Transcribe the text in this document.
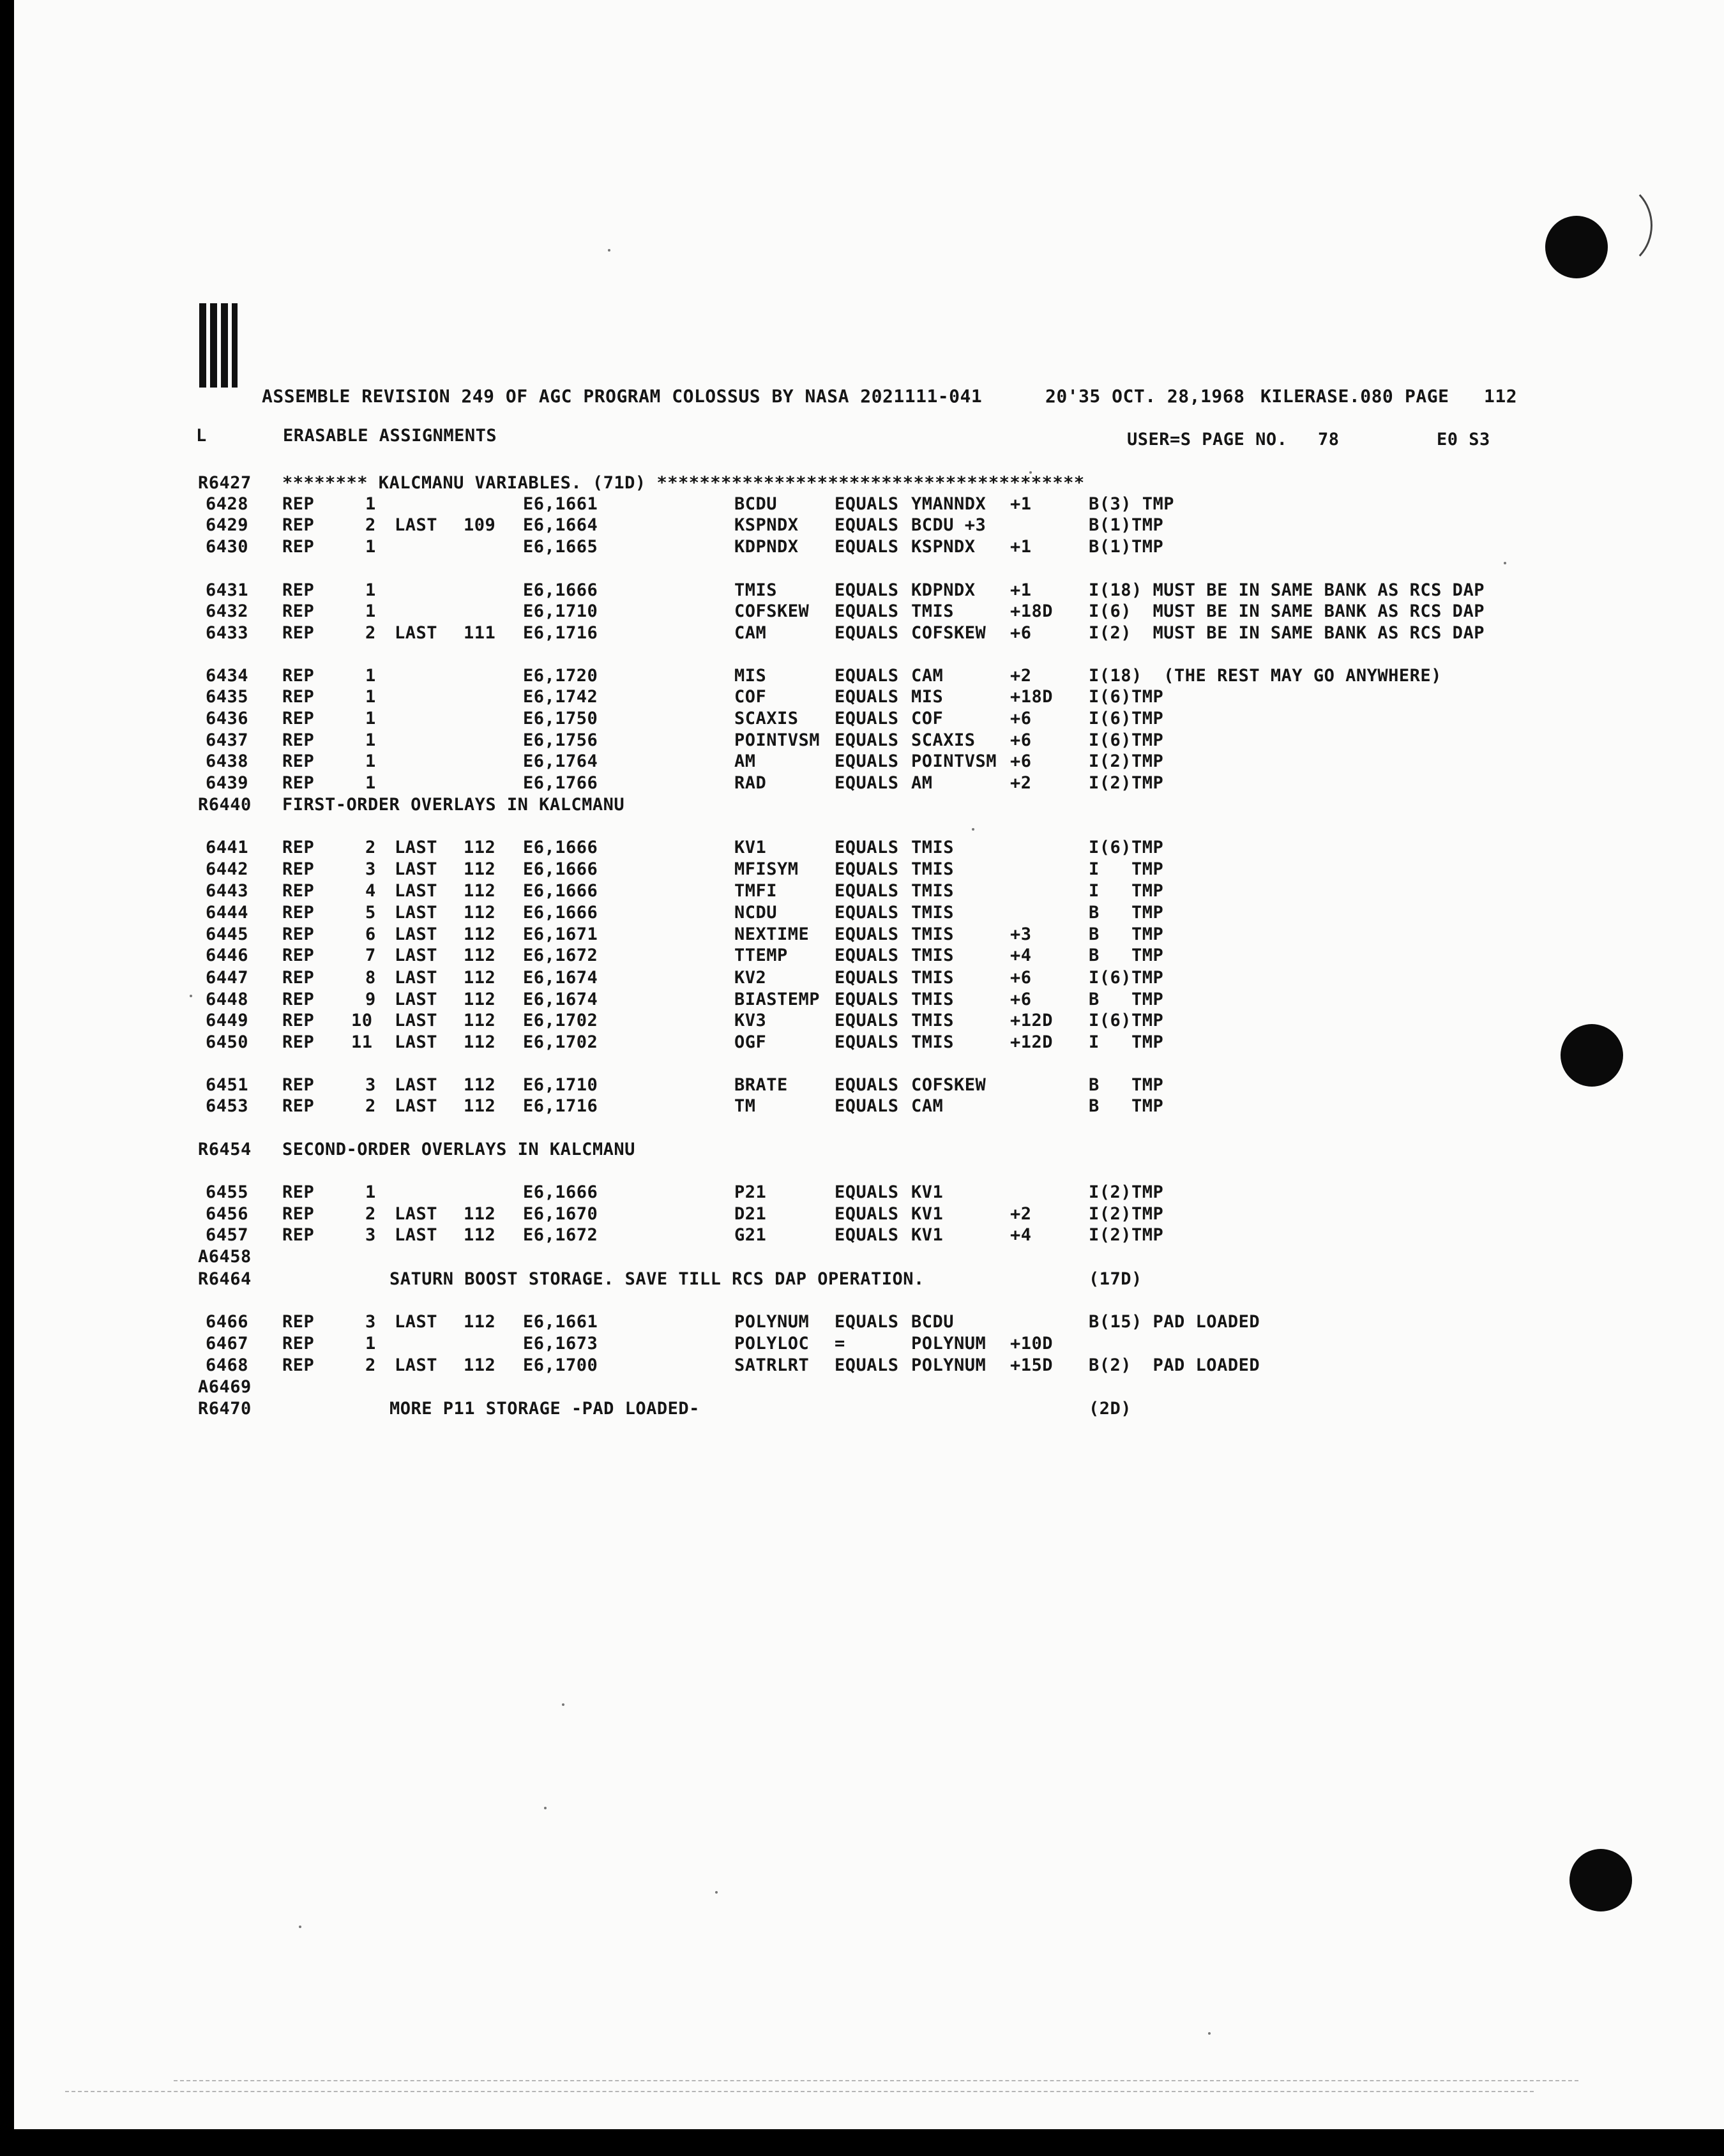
ASSEMBLE REVISION 249 OF AGC PROGRAM COLOSSUS BY NASA 2021111-041	20'35 OCT. 28,1968 KILERASE.080 PAGE 112
L	ERASABLE ASSIGNMENTS	USER=S PAGE NO. 78	E0 S3
R6427 ******** KALCMANU VARIABLES. (71D) ****************************************
6428 REP	1	E6,1661	BCDU	EQUALS YMANNDX +1	B(3) TMP
6429 REP	2 LAST 109 E6,1664	KSPNDX EQUALS BCDU +3	B(1)TMP
6430 REP	1	E6,1665	KDPNDX EQUALS KSPNDX +1	B(1)TMP
6431 REP	1	E6,1666	TMIS	EQUALS KDPNDX +1	I(18) MUST BE IN SAME BANK AS RCS DAP
6432 REP	1	E6,1710	COFSKEW EQUALS TMIS	+18D I(6)  MUST BE IN SAME BANK AS RCS DAP
6433 REP	2 LAST 111 E6,1716	CAM	EQUALS COFSKEW +6	I(2)  MUST BE IN SAME BANK AS RCS DAP
6434 REP	1	E6,1720	MIS	EQUALS CAM	+2	I(18)  (THE REST MAY GO ANYWHERE)
6435 REP	1	E6,1742	COF	EQUALS MIS	+18D I(6)TMP
6436 REP	1	E6,1750	SCAXIS EQUALS COF	+6	I(6)TMP
6437 REP	1	E6,1756	POINTVSM EQUALS SCAXIS +6	I(6)TMP
6438 REP	1	E6,1764	AM	EQUALS POINTVSM +6	I(2)TMP
6439 REP	1	E6,1766	RAD	EQUALS AM	+2	I(2)TMP
R6440 FIRST-ORDER OVERLAYS IN KALCMANU
6441 REP	2 LAST 112 E6,1666	KV1	EQUALS TMIS	I(6)TMP
6442 REP	3 LAST 112 E6,1666	MFISYM EQUALS TMIS	I   TMP
6443 REP	4 LAST 112 E6,1666	TMFI	EQUALS TMIS	I   TMP
6444 REP	5 LAST 112 E6,1666	NCDU	EQUALS TMIS	B   TMP
6445 REP	6 LAST 112 E6,1671	NEXTIME EQUALS TMIS	+3	B   TMP
6446 REP	7 LAST 112 E6,1672	TTEMP	EQUALS TMIS	+4	B   TMP
6447 REP	8 LAST 112 E6,1674	KV2	EQUALS TMIS	+6	I(6)TMP
6448 REP	9 LAST 112 E6,1674	BIASTEMP EQUALS TMIS	+6	B   TMP
6449 REP 10 LAST 112 E6,1702	KV3	EQUALS TMIS	+12D I(6)TMP
6450 REP 11 LAST 112 E6,1702	OGF	EQUALS TMIS	+12D I   TMP
6451 REP	3 LAST 112 E6,1710	BRATE	EQUALS COFSKEW	B   TMP
6453 REP	2 LAST 112 E6,1716	TM	EQUALS CAM	B   TMP
R6454 SECOND-ORDER OVERLAYS IN KALCMANU
6455 REP	1	E6,1666	P21	EQUALS KV1	I(2)TMP
6456 REP	2 LAST 112 E6,1670	D21	EQUALS KV1	+2	I(2)TMP
6457 REP	3 LAST 112 E6,1672	G21	EQUALS KV1	+4	I(2)TMP
A6458
R6464	SATURN BOOST STORAGE. SAVE TILL RCS DAP OPERATION.	(17D)
6466 REP	3 LAST 112 E6,1661	POLYNUM EQUALS BCDU	B(15) PAD LOADED
6467 REP	1	E6,1673	POLYLOC =	POLYNUM +10D
6468 REP	2 LAST 112 E6,1700	SATRLRT EQUALS POLYNUM +15D B(2)  PAD LOADED
A6469
R6470	MORE P11 STORAGE -PAD LOADED-	(2D)
